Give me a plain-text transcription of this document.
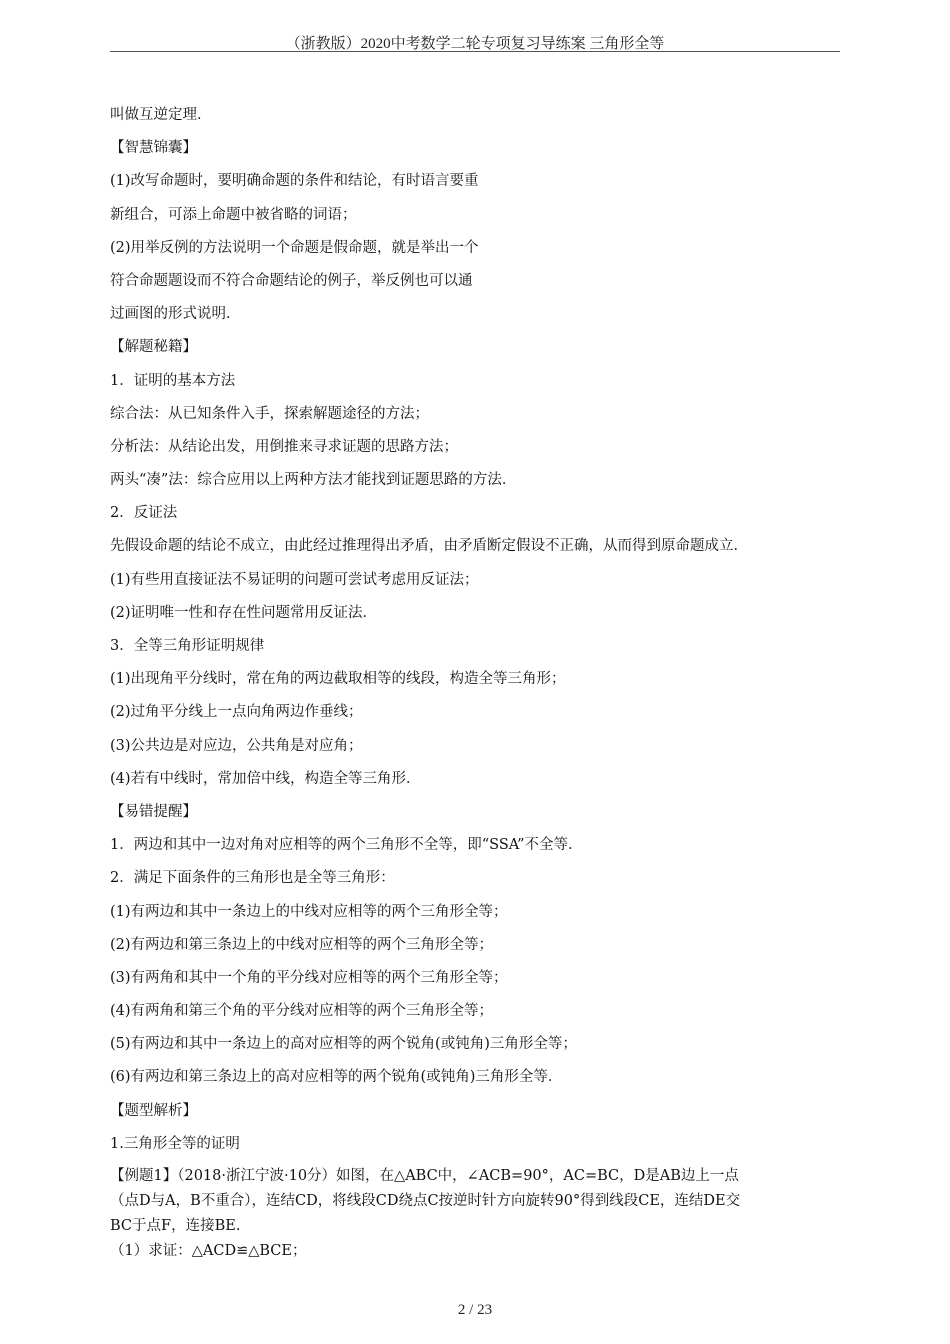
（浙教版）2020中考数学二轮专项复习导练案 三角形全等
叫做互逆定理．
【智慧锦囊】
(1)改写命题时，要明确命题的条件和结论，有时语言要重
新组合，可添上命题中被省略的词语；
(2)用举反例的方法说明一个命题是假命题，就是举出一个
符合命题题设而不符合命题结论的例子，举反例也可以通
过画图的形式说明．
【解题秘籍】
1．证明的基本方法
综合法：从已知条件入手，探索解题途径的方法；
分析法：从结论出发，用倒推来寻求证题的思路方法；
两头“凑”法：综合应用以上两种方法才能找到证题思路的方法．
2．反证法
先假设命题的结论不成立，由此经过推理得出矛盾，由矛盾断定假设不正确，从而得到原命题成立．
(1)有些用直接证法不易证明的问题可尝试考虑用反证法；
(2)证明唯一性和存在性问题常用反证法．
3．全等三角形证明规律
(1)出现角平分线时，常在角的两边截取相等的线段，构造全等三角形；
(2)过角平分线上一点向角两边作垂线；
(3)公共边是对应边，公共角是对应角；
(4)若有中线时，常加倍中线，构造全等三角形．
【易错提醒】
1．两边和其中一边对角对应相等的两个三角形不全等，即“SSA”不全等．
2．满足下面条件的三角形也是全等三角形：
(1)有两边和其中一条边上的中线对应相等的两个三角形全等；
(2)有两边和第三条边上的中线对应相等的两个三角形全等；
(3)有两角和其中一个角的平分线对应相等的两个三角形全等；
(4)有两角和第三个角的平分线对应相等的两个三角形全等；
(5)有两边和其中一条边上的高对应相等的两个锐角(或钝角)三角形全等；
(6)有两边和第三条边上的高对应相等的两个锐角(或钝角)三角形全等．
【题型解析】
1.三角形全等的证明
【例题1】（2018·浙江宁波·10分）如图，在△ABC中，∠ACB=90°，AC=BC，D是AB边上一点
（点D与A，B不重合），连结CD，将线段CD绕点C按逆时针方向旋转90°得到线段CE，连结DE交
BC于点F，连接BE.
（1）求证：△ACD≌△BCE；
2 / 23
